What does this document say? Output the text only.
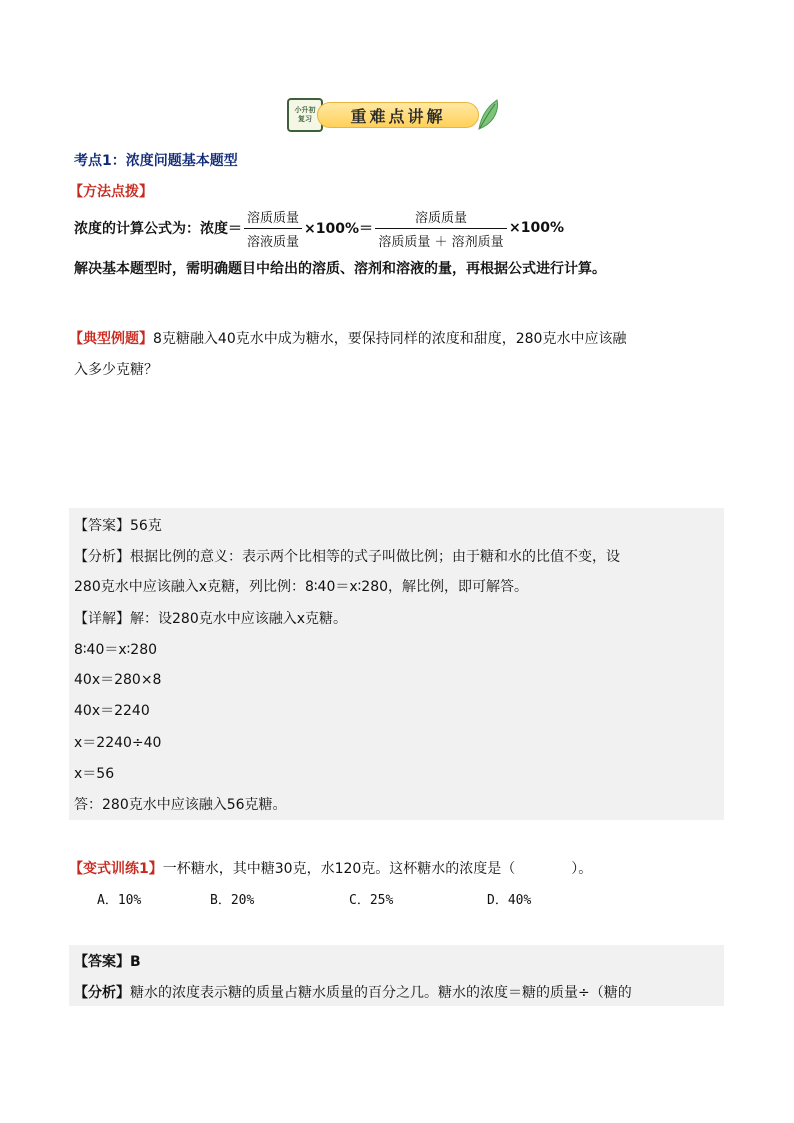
小升初
复习 重难点讲解
考点1：浓度问题基本题型
【方法点拨】
浓度的计算公式为：浓度＝ $\frac{\text{溶质质量}}{\text{溶液质量}} \times 100\%= \frac{\text{溶质质量}}{\text{溶质质量 ＋ 溶剂质量}} \times 100\%$
解决基本题型时，需明确题目中给出的溶质、溶剂和溶液的量，再根据公式进行计算。
【典型例题】8克糖融入40克水中成为糖水，要保持同样的浓度和甜度，280克水中应该融
入多少克糖？
【答案】56克
【分析】根据比例的意义：表示两个比相等的式子叫做比例；由于糖和水的比值不变，设
280克水中应该融入x克糖，列比例：8∶40＝x∶280，解比例，即可解答。
【详解】解：设280克水中应该融入x克糖。
8∶40＝x∶280
40x＝280×8
40x＝2240
x＝2240÷40
x＝56
答：280克水中应该融入56克糖。
【变式训练1】一杯糖水，其中糖30克，水120克。这杯糖水的浓度是（　　　　）。
A．10%	B．20%	C．25%	D．40%
【答案】B
【分析】糖水的浓度表示糖的质量占糖水质量的百分之几。糖水的浓度＝糖的质量÷（糖的
